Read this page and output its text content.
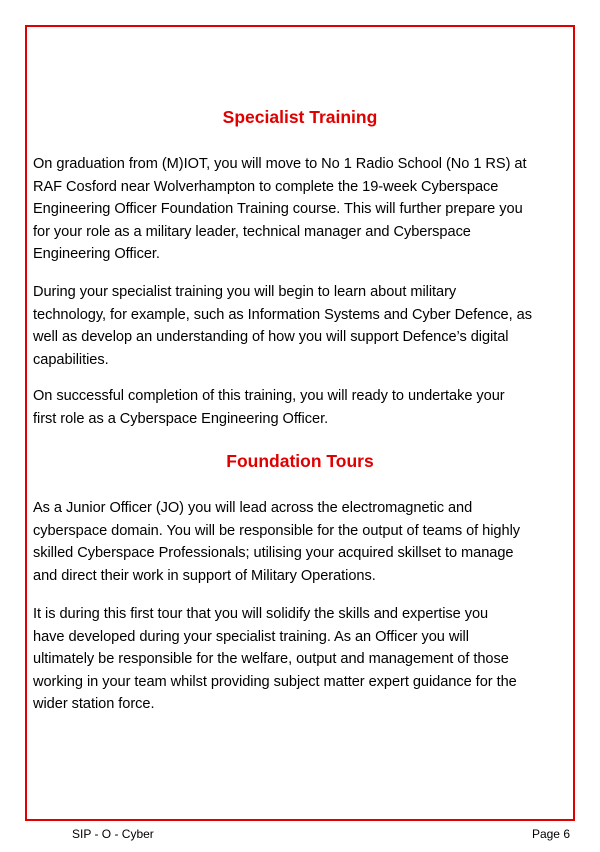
Specialist Training

On graduation from (M)IOT, you will move to No 1 Radio School (No 1 RS) at
RAF Cosford near Wolverhampton to complete the 19-week Cyberspace
Engineering Officer Foundation Training course. This will further prepare you
for your role as a military leader, technical manager and Cyberspace
Engineering Officer.

During your specialist training you will begin to learn about military
technology, for example, such as Information Systems and Cyber Defence, as
well as develop an understanding of how you will support Defence’s digital
capabilities.

On successful completion of this training, you will ready to undertake your
first role as a Cyberspace Engineering Officer.

Foundation Tours

As a Junior Officer (JO) you will lead across the electromagnetic and
cyberspace domain. You will be responsible for the output of teams of highly
skilled Cyberspace Professionals; utilising your acquired skillset to manage
and direct their work in support of Military Operations.

It is during this first tour that you will solidify the skills and expertise you
have developed during your specialist training. As an Officer you will
ultimately be responsible for the welfare, output and management of those
working in your team whilst providing subject matter expert guidance for the
wider station force.

SIP - O - Cyber	Page 6
